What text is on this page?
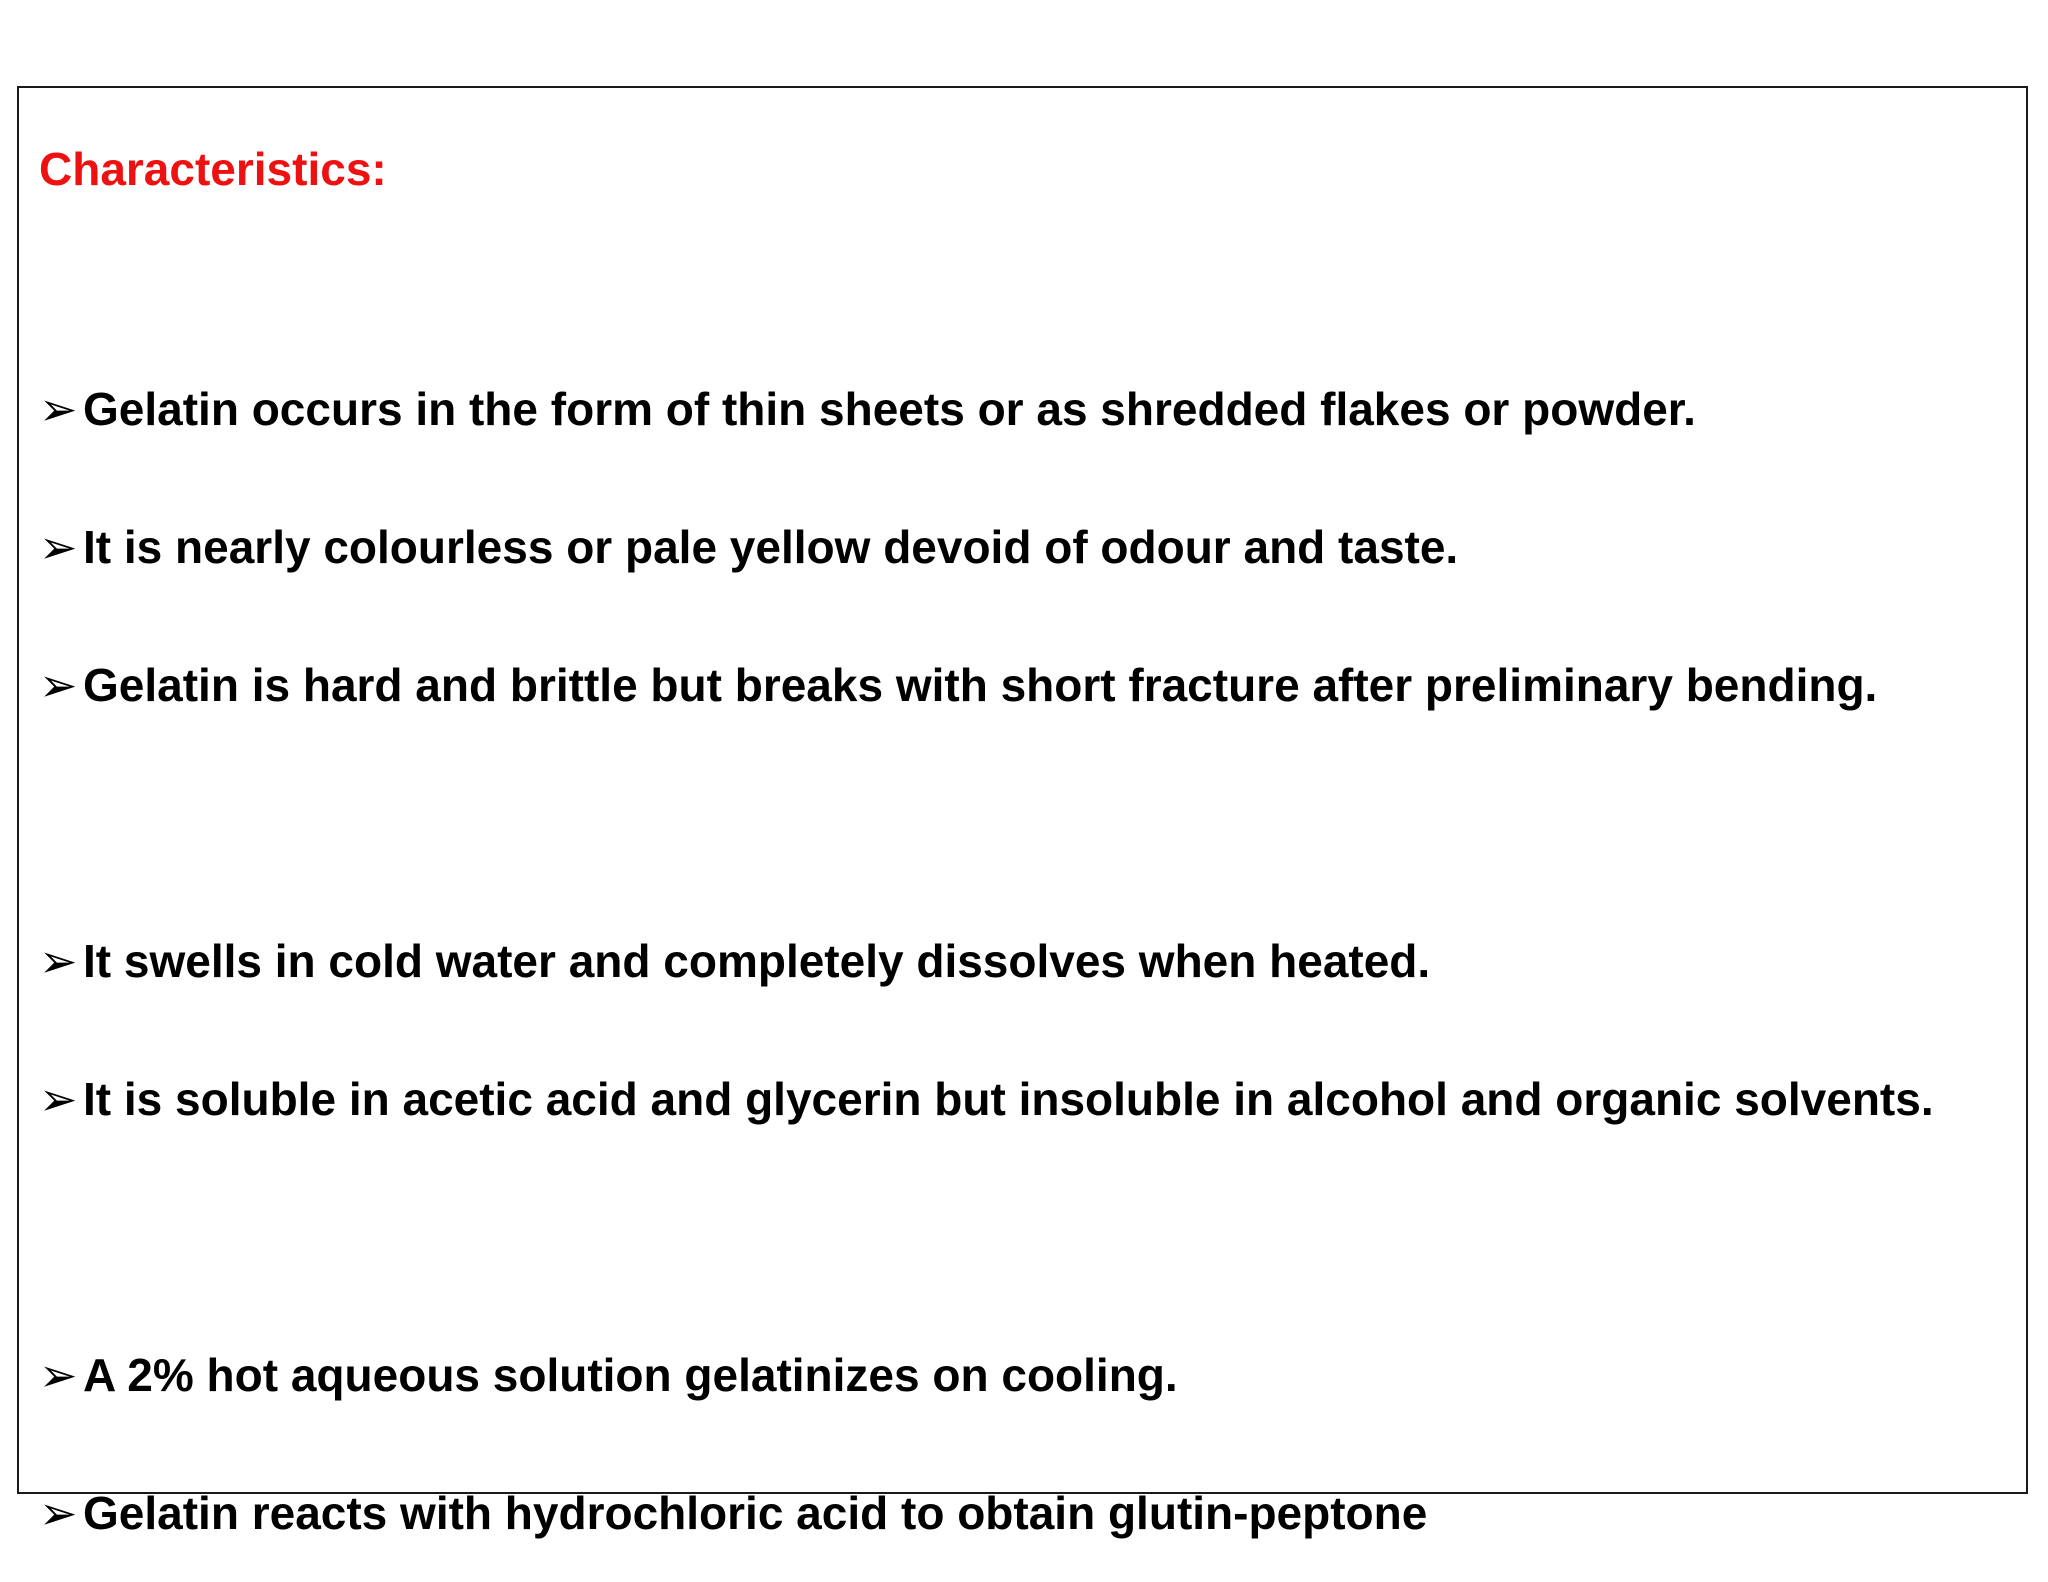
Characteristics:
➢ Gelatin occurs in the form of thin sheets or as shredded flakes or powder.
➢ It is nearly colourless or pale yellow devoid of odour and taste.
➢ Gelatin is hard and brittle but breaks with short fracture after preliminary bending.
➢ It swells in cold water and completely dissolves when heated.
➢ It is soluble in acetic acid and glycerin but insoluble in alcohol and organic solvents.
➢ A 2% hot aqueous solution gelatinizes on cooling.
➢ Gelatin reacts with hydrochloric acid to obtain glutin-peptone
